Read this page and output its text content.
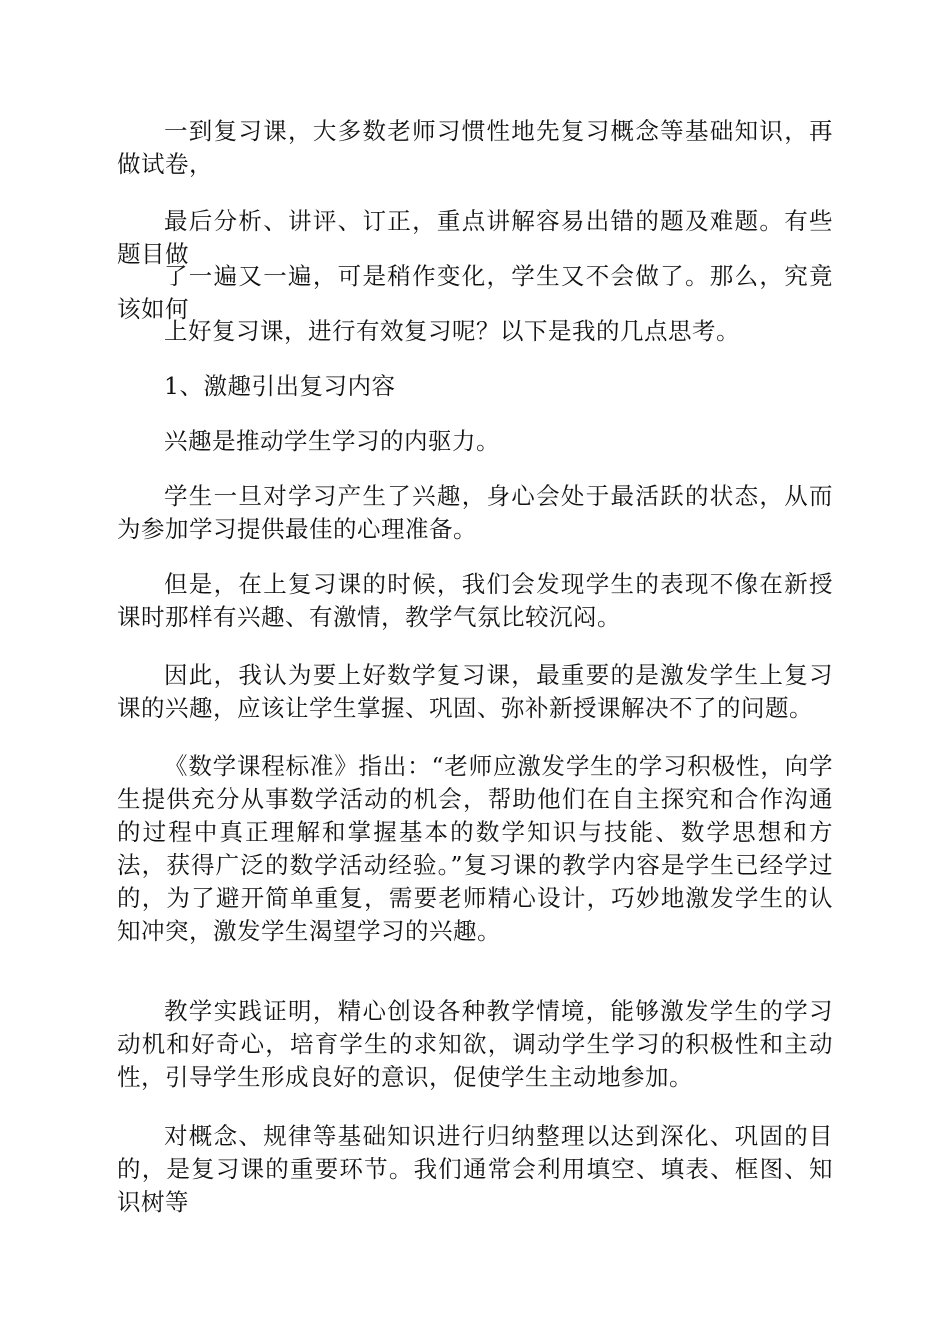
一到复习课，大多数老师习惯性地先复习概念等基础知识，再做试卷，

最后分析、讲评、订正，重点讲解容易出错的题及难题。有些题目做

了一遍又一遍，可是稍作变化，学生又不会做了。那么，究竟该如何

上好复习课，进行有效复习呢？以下是我的几点思考。

1、激趣引出复习内容

兴趣是推动学生学习的内驱力。

学生一旦对学习产生了兴趣，身心会处于最活跃的状态，从而为参加学习提供最佳的心理准备。

但是，在上复习课的时候，我们会发现学生的表现不像在新授课时那样有兴趣、有激情，教学气氛比较沉闷。

因此，我认为要上好数学复习课，最重要的是激发学生上复习课的兴趣，应该让学生掌握、巩固、弥补新授课解决不了的问题。

《数学课程标准》指出：“老师应激发学生的学习积极性，向学生提供充分从事数学活动的机会，帮助他们在自主探究和合作沟通的过程中真正理解和掌握基本的数学知识与技能、数学思想和方法，获得广泛的数学活动经验。”复习课的教学内容是学生已经学过的，为了避开简单重复，需要老师精心设计，巧妙地激发学生的认知冲突，激发学生渴望学习的兴趣。

教学实践证明，精心创设各种教学情境，能够激发学生的学习动机和好奇心，培育学生的求知欲，调动学生学习的积极性和主动性，引导学生形成良好的意识，促使学生主动地参加。

对概念、规律等基础知识进行归纳整理以达到深化、巩固的目的，是复习课的重要环节。我们通常会利用填空、填表、框图、知识树等
